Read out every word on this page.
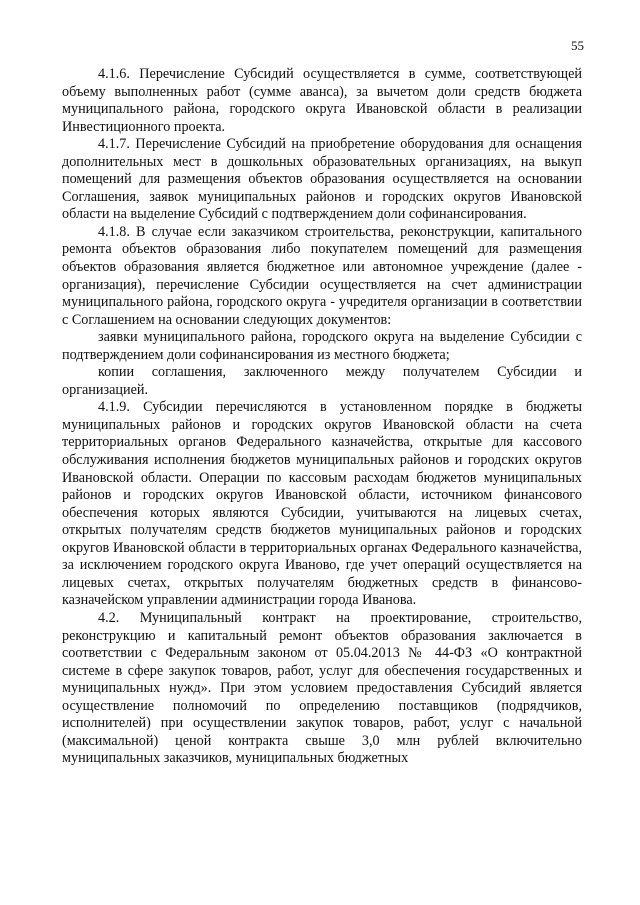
55

4.1.6. Перечисление Субсидий осуществляется в сумме, соответствующей объему выполненных работ (сумме аванса), за вычетом доли средств бюджета муниципального района, городского округа Ивановской области в реализации Инвестиционного проекта.

4.1.7. Перечисление Субсидий на приобретение оборудования для оснащения дополнительных мест в дошкольных образовательных организациях, на выкуп помещений для размещения объектов образования осуществляется на основании Соглашения, заявок муниципальных районов и городских округов Ивановской области на выделение Субсидий с подтверждением доли софинансирования.

4.1.8. В случае если заказчиком строительства, реконструкции, капитального ремонта объектов образования либо покупателем помещений для размещения объектов образования является бюджетное или автономное учреждение (далее - организация), перечисление Субсидии осуществляется на счет администрации муниципального района, городского округа - учредителя организации в соответствии с Соглашением на основании следующих документов:

заявки муниципального района, городского округа на выделение Субсидии с подтверждением доли софинансирования из местного бюджета;

копии соглашения, заключенного между получателем Субсидии и организацией.

4.1.9. Субсидии перечисляются в установленном порядке в бюджеты муниципальных районов и городских округов Ивановской области на счета территориальных органов Федерального казначейства, открытые для кассового обслуживания исполнения бюджетов муниципальных районов и городских округов Ивановской области. Операции по кассовым расходам бюджетов муниципальных районов и городских округов Ивановской области, источником финансового обеспечения которых являются Субсидии, учитываются на лицевых счетах, открытых получателям средств бюджетов муниципальных районов и городских округов Ивановской области в территориальных органах Федерального казначейства, за исключением городского округа Иваново, где учет операций осуществляется на лицевых счетах, открытых получателям бюджетных средств в финансово-казначейском управлении администрации города Иванова.

4.2. Муниципальный контракт на проектирование, строительство, реконструкцию и капитальный ремонт объектов образования заключается в соответствии с Федеральным законом от 05.04.2013 № 44-ФЗ «О контрактной системе в сфере закупок товаров, работ, услуг для обеспечения государственных и муниципальных нужд». При этом условием предоставления Субсидий является осуществление полномочий по определению поставщиков (подрядчиков, исполнителей) при осуществлении закупок товаров, работ, услуг с начальной (максимальной) ценой контракта свыше 3,0 млн рублей включительно муниципальных заказчиков, муниципальных бюджетных
